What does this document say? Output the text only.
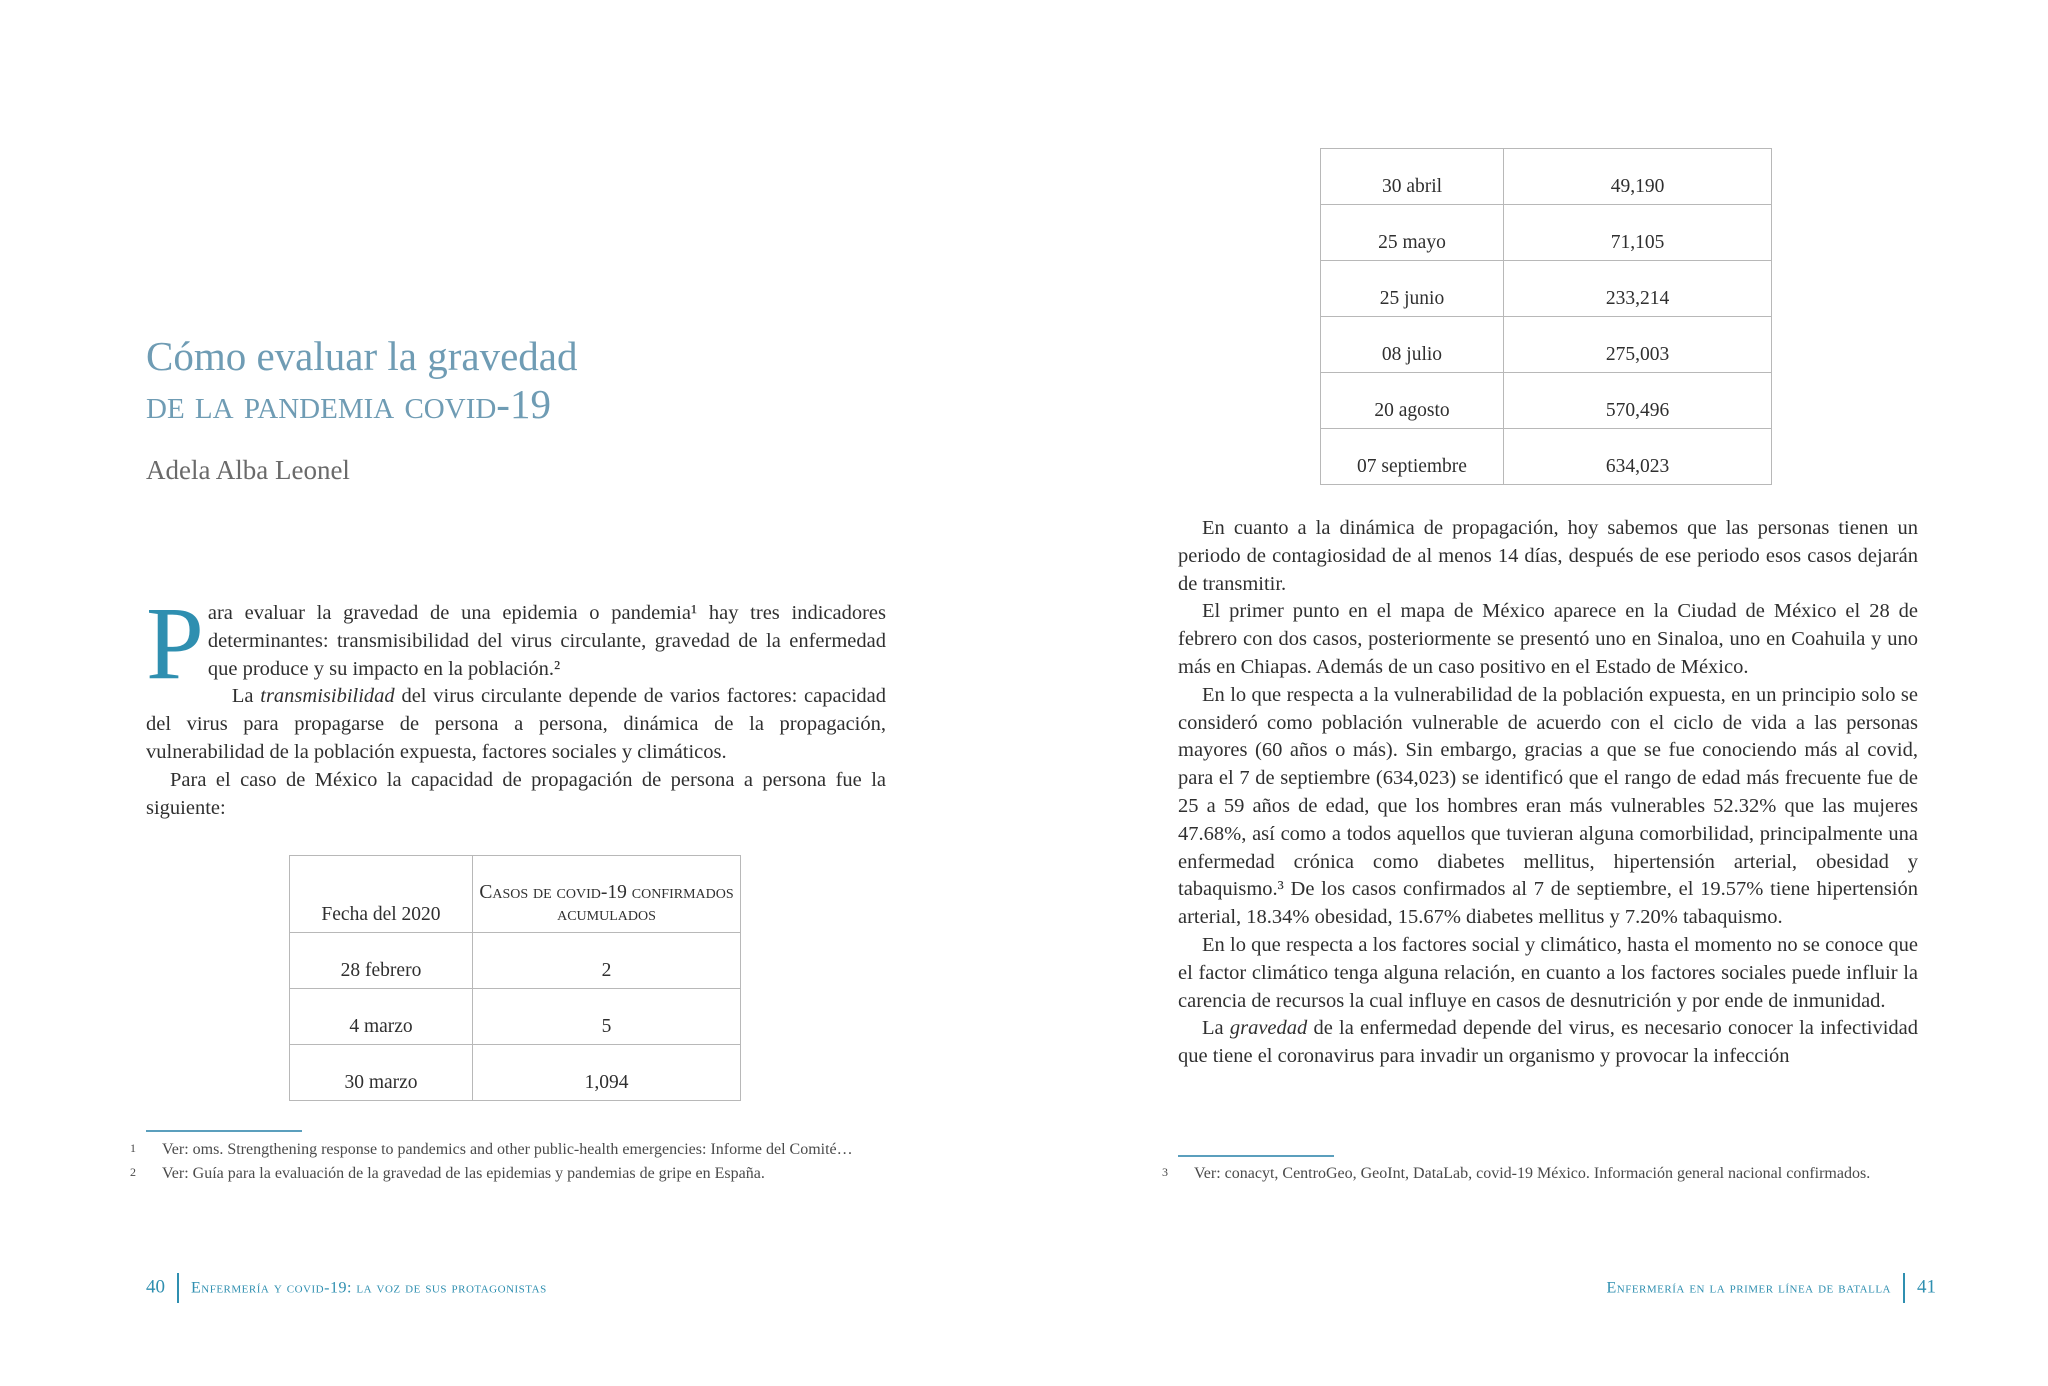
Cómo evaluar la gravedad
de la pandemia covid-19
Adela Alba Leonel

Para evaluar la gravedad de una epidemia o pandemia¹ hay tres indicadores determinantes: transmisibilidad del virus circulante, gravedad de la enfermedad que produce y su impacto en la población.²

La transmisibilidad del virus circulante depende de varios factores: capacidad del virus para propagarse de persona a persona, dinámica de la propagación, vulnerabilidad de la población expuesta, factores sociales y climáticos.

Para el caso de México la capacidad de propagación de persona a persona fue la siguiente:

Fecha del 2020	Casos de covid-19 confirmados acumulados
28 febrero	2
4 marzo	5
30 marzo	1,094

1 Ver: oms. Strengthening response to pandemics and other public-health emergencies: Informe del Comité…

2 Ver: Guía para la evaluación de la gravedad de las epidemias y pandemias de gripe en España.

40 Enfermería y covid-19: la voz de sus protagonistas
30 abril	49,190
25 mayo	71,105
25 junio	233,214
08 julio	275,003
20 agosto	570,496
07 septiembre	634,023

En cuanto a la dinámica de propagación, hoy sabemos que las personas tienen un periodo de contagiosidad de al menos 14 días, después de ese periodo esos casos dejarán de transmitir.

El primer punto en el mapa de México aparece en la Ciudad de México el 28 de febrero con dos casos, posteriormente se presentó uno en Sinaloa, uno en Coahuila y uno más en Chiapas. Además de un caso positivo en el Estado de México.

En lo que respecta a la vulnerabilidad de la población expuesta, en un principio solo se consideró como población vulnerable de acuerdo con el ciclo de vida a las personas mayores (60 años o más). Sin embargo, gracias a que se fue conociendo más al covid, para el 7 de septiembre (634,023) se identificó que el rango de edad más frecuente fue de 25 a 59 años de edad, que los hombres eran más vulnerables 52.32% que las mujeres 47.68%, así como a todos aquellos que tuvieran alguna comorbilidad, principalmente una enfermedad crónica como diabetes mellitus, hipertensión arterial, obesidad y tabaquismo.³ De los casos confirmados al 7 de septiembre, el 19.57% tiene hipertensión arterial, 18.34% obesidad, 15.67% diabetes mellitus y 7.20% tabaquismo.

En lo que respecta a los factores social y climático, hasta el momento no se conoce que el factor climático tenga alguna relación, en cuanto a los factores sociales puede influir la carencia de recursos la cual influye en casos de desnutrición y por ende de inmunidad.

La gravedad de la enfermedad depende del virus, es necesario conocer la infectividad que tiene el coronavirus para invadir un organismo y provocar la infección

3 Ver: conacyt, CentroGeo, GeoInt, DataLab, covid-19 México. Información general nacional confirmados.

Enfermería en la primer línea de batalla 41
